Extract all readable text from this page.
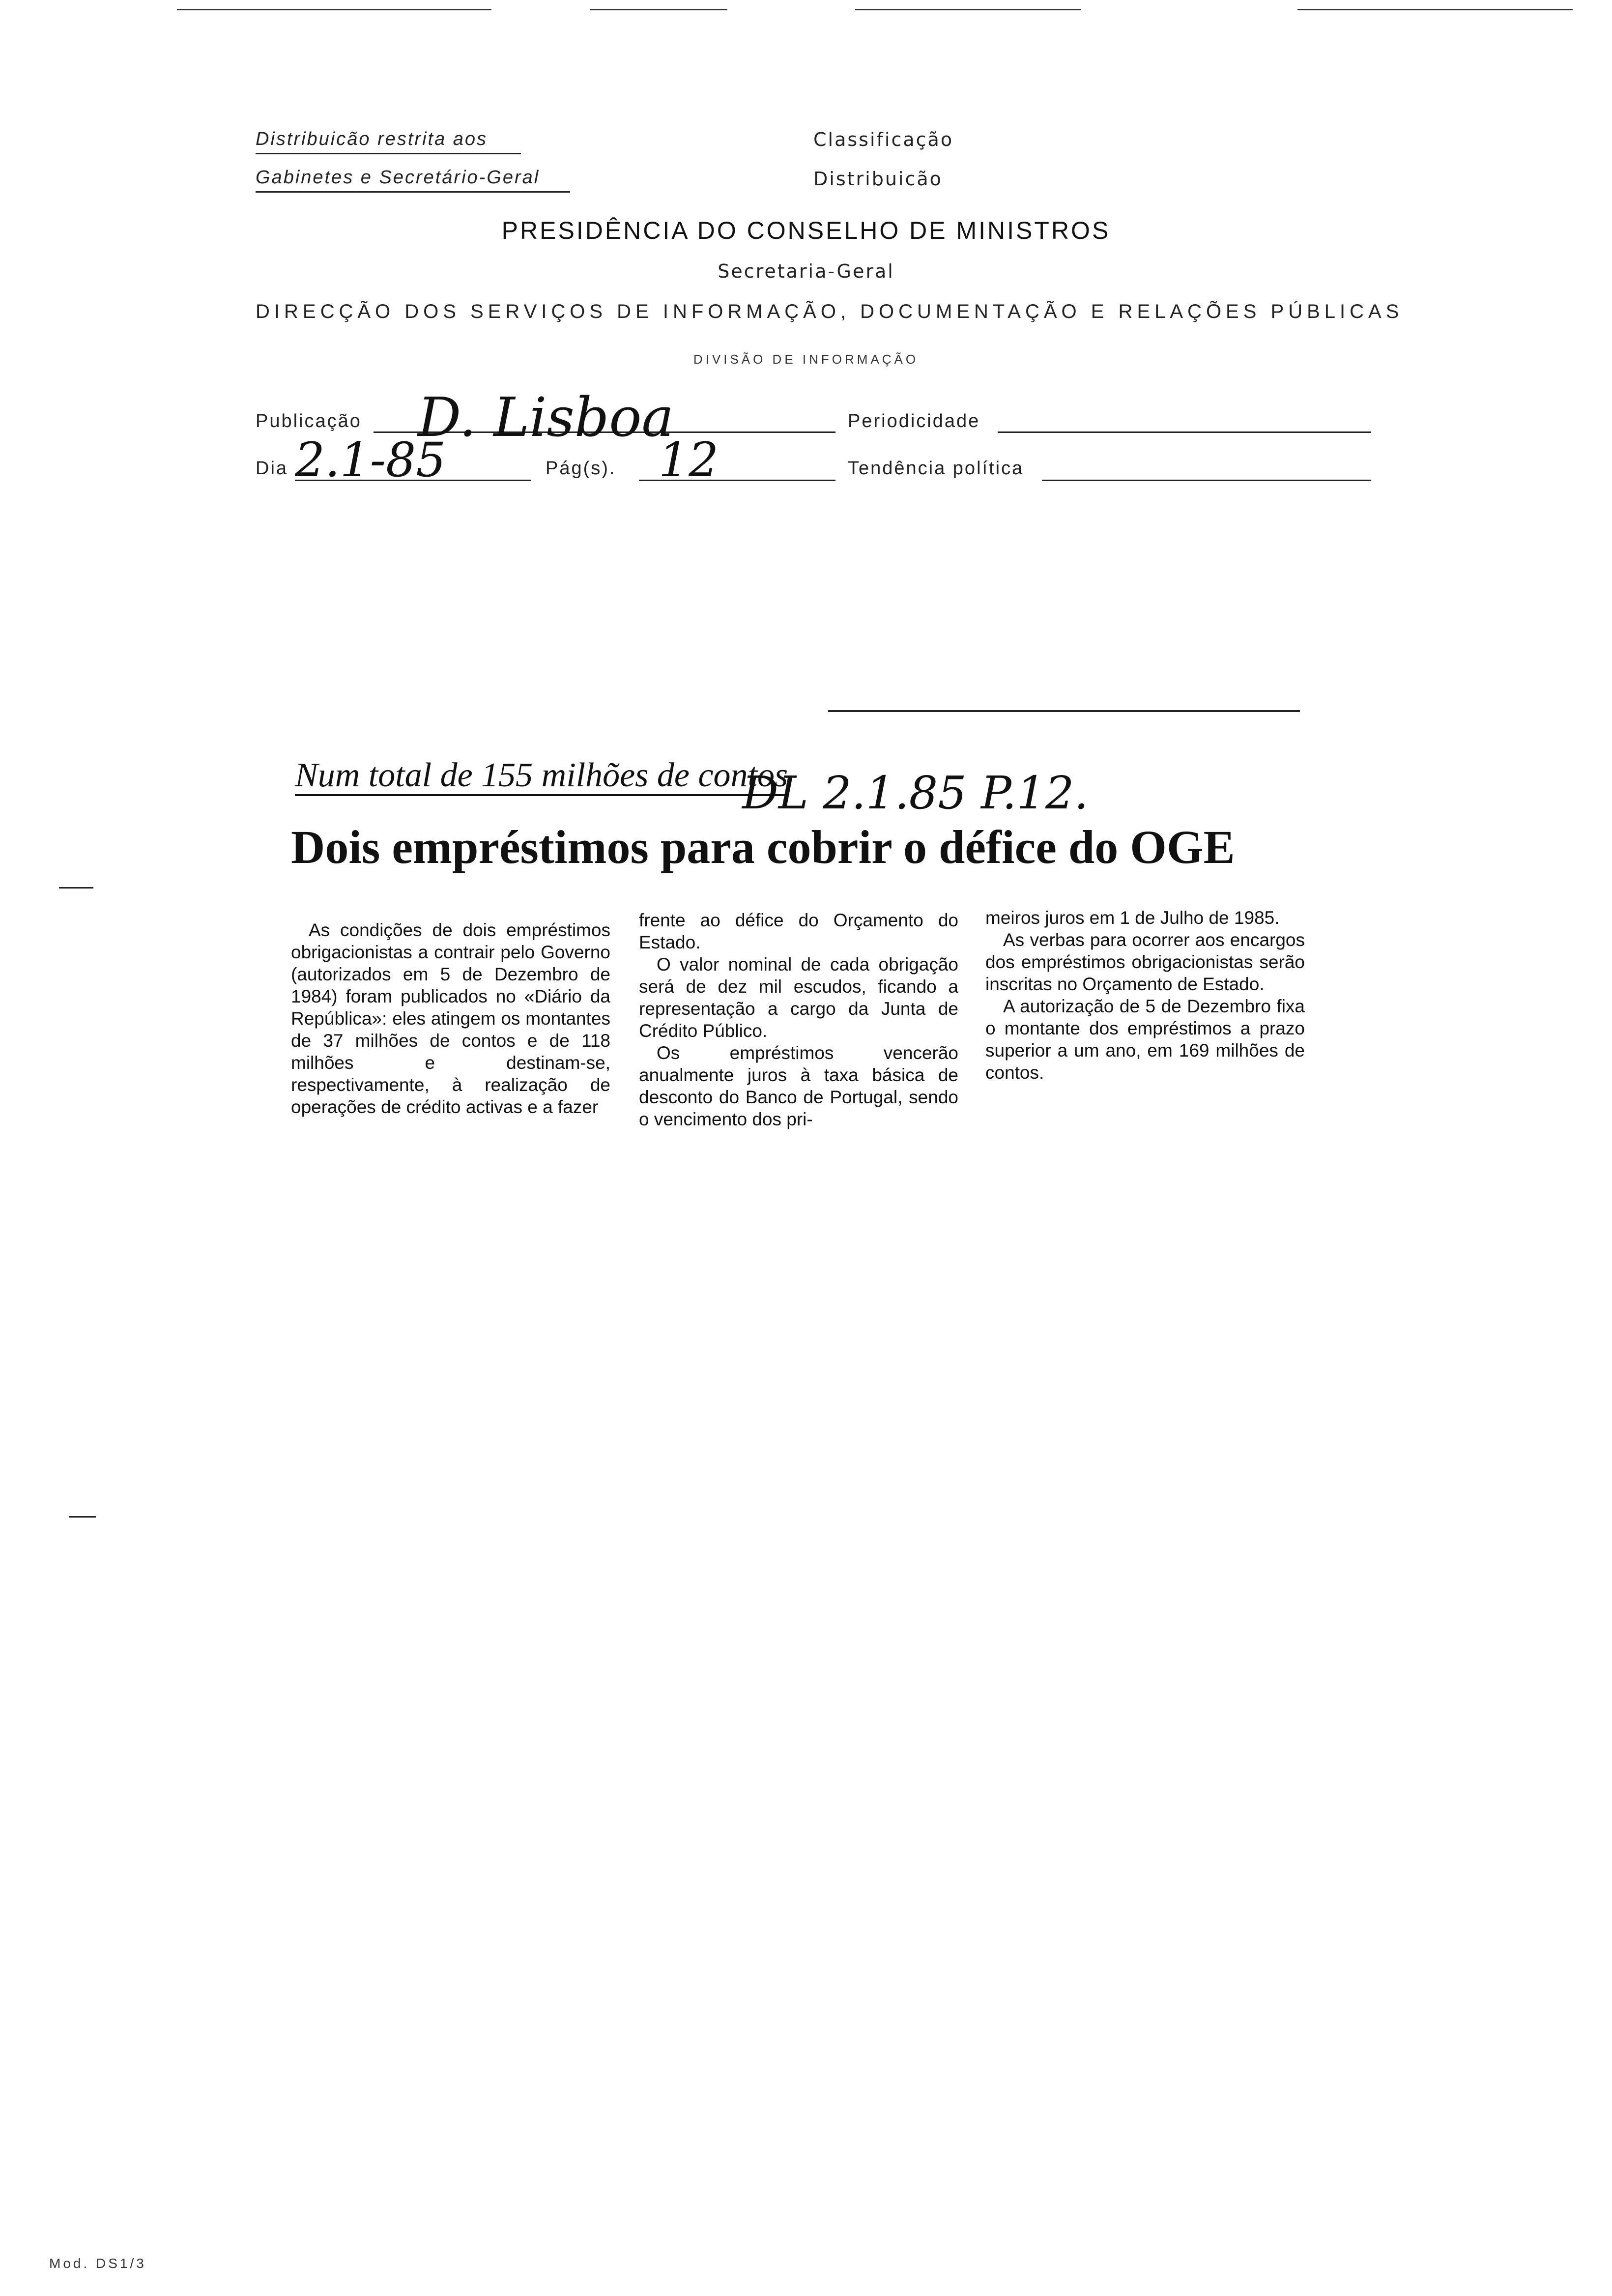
Distribuicão restrita aos
Gabinetes e Secretário-Geral
Classificação
Distribuicão
PRESIDÊNCIA DO CONSELHO DE MINISTROS
Secretaria-Geral
DIRECÇÃO DOS SERVIÇOS DE INFORMAÇÃO, DOCUMENTAÇÃO E RELAÇÕES PÚBLICAS
DIVISÃO DE INFORMAÇÃO
Publicação D. Lisboa	Periodicidade
Dia 2.1-85	Pág(s). 12	Tendência política
Num total de 155 milhões de contos
DL 2.1.85 P.12.
Dois empréstimos para cobrir o défice do OGE

As condições de dois empréstimos obrigacionistas a contrair pelo Governo (autorizados em 5 de Dezembro de 1984) foram publicados no «Diário da República»: eles atingem os montantes de 37 milhões de contos e de 118 milhões e destinam-se, respectivamente, à realização de operações de crédito activas e a fazer

frente ao défice do Orçamento do Estado.

O valor nominal de cada obrigação será de dez mil escudos, ficando a representação a cargo da Junta de Crédito Público.

Os empréstimos vencerão anualmente juros à taxa básica de desconto do Banco de Portugal, sendo o vencimento dos pri-

meiros juros em 1 de Julho de 1985.

As verbas para ocorrer aos encargos dos empréstimos obrigacionistas serão inscritas no Orçamento de Estado.

A autorização de 5 de Dezembro fixa o montante dos empréstimos a prazo superior a um ano, em 169 milhões de contos.

Mod. DS1/3
